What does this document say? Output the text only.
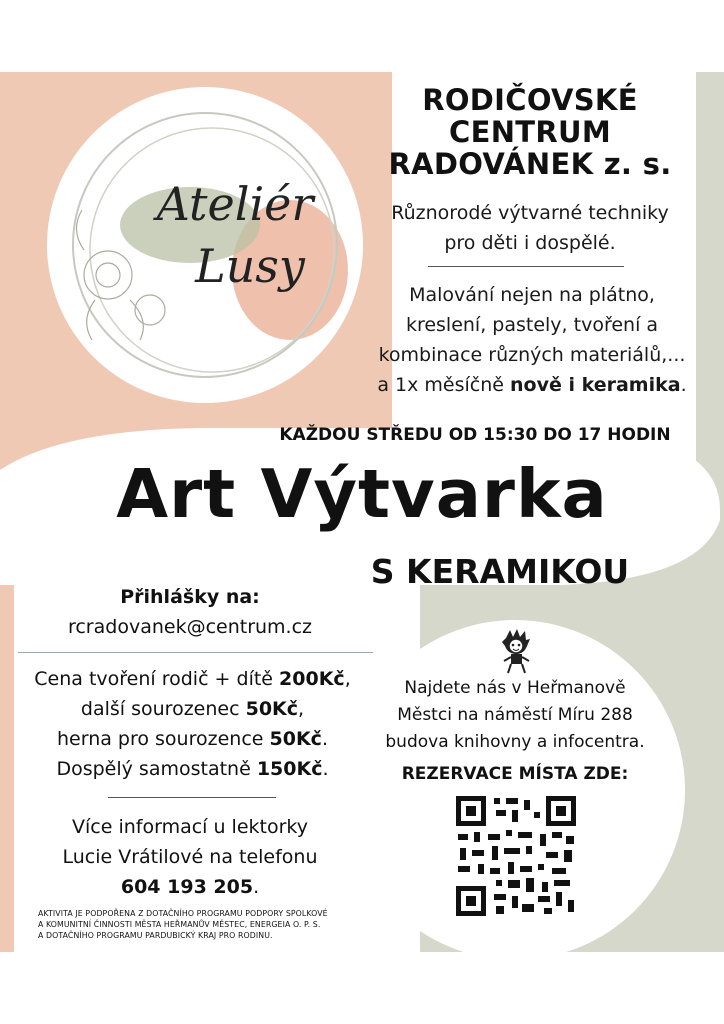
Ateliér
Lusy
RODIČOVSKÉ
CENTRUM
RADOVÁNEK z. s.
Různorodé výtvarné techniky
pro děti i dospělé.
Malování nejen na plátno,
kreslení, pastely, tvoření a
kombinace různých materiálů,...
a 1x měsíčně nově i keramika.
KAŽDOU STŘEDU OD 15:30 DO 17 HODIN
Art Výtvarka
S KERAMIKOU
Přihlášky na:
rcradovanek@centrum.cz
Cena tvoření rodič + dítě 200Kč,
další sourozenec 50Kč,
herna pro sourozence 50Kč.
Dospělý samostatně 150Kč.
Více informací u lektorky
Lucie Vrátilové na telefonu
604 193 205.
AKTIVITA JE PODPOŘENA Z DOTAČNÍHO PROGRAMU PODPORY SPOLKOVÉ
A KOMUNITNÍ ČINNOSTI MĚSTA HEŘMANŮV MĚSTEC, ENERGEIA O. P. S.
A DOTAČNÍHO PROGRAMU PARDUBICKÝ KRAJ PRO RODINU.
Najdete nás v Heřmanově
Městci na náměstí Míru 288
budova knihovny a infocentra.
REZERVACE MÍSTA ZDE:
